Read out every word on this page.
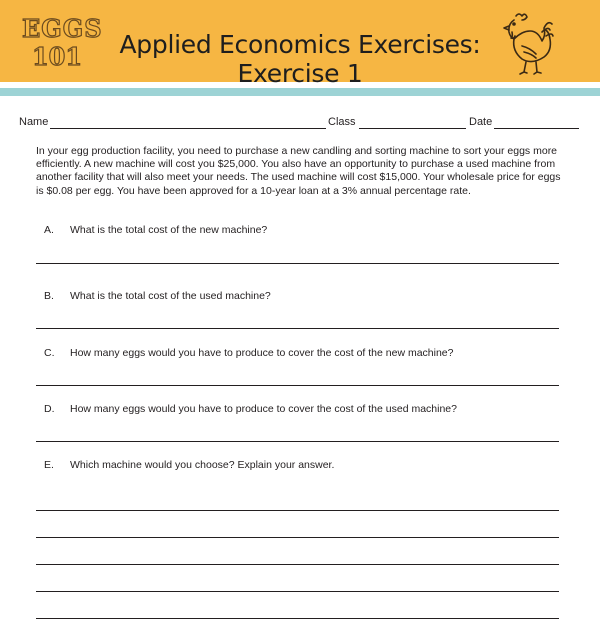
EGGS
101	Applied Economics Exercises: Exercise 1
Name	Class	Date

In your egg production facility, you need to purchase a new candling and sorting machine to sort your eggs more efficiently. A new machine will cost you $25,000. You also have an opportunity to purchase a used machine from another facility that will also meet your needs. The used machine will cost $15,000. Your wholesale price for eggs is $0.08 per egg. You have been approved for a 10-year loan at a 3% annual percentage rate.

A. What is the total cost of the new machine?
B. What is the total cost of the used machine?
C. How many eggs would you have to produce to cover the cost of the new machine?
D. How many eggs would you have to produce to cover the cost of the used machine?
E. Which machine would you choose? Explain your answer.
